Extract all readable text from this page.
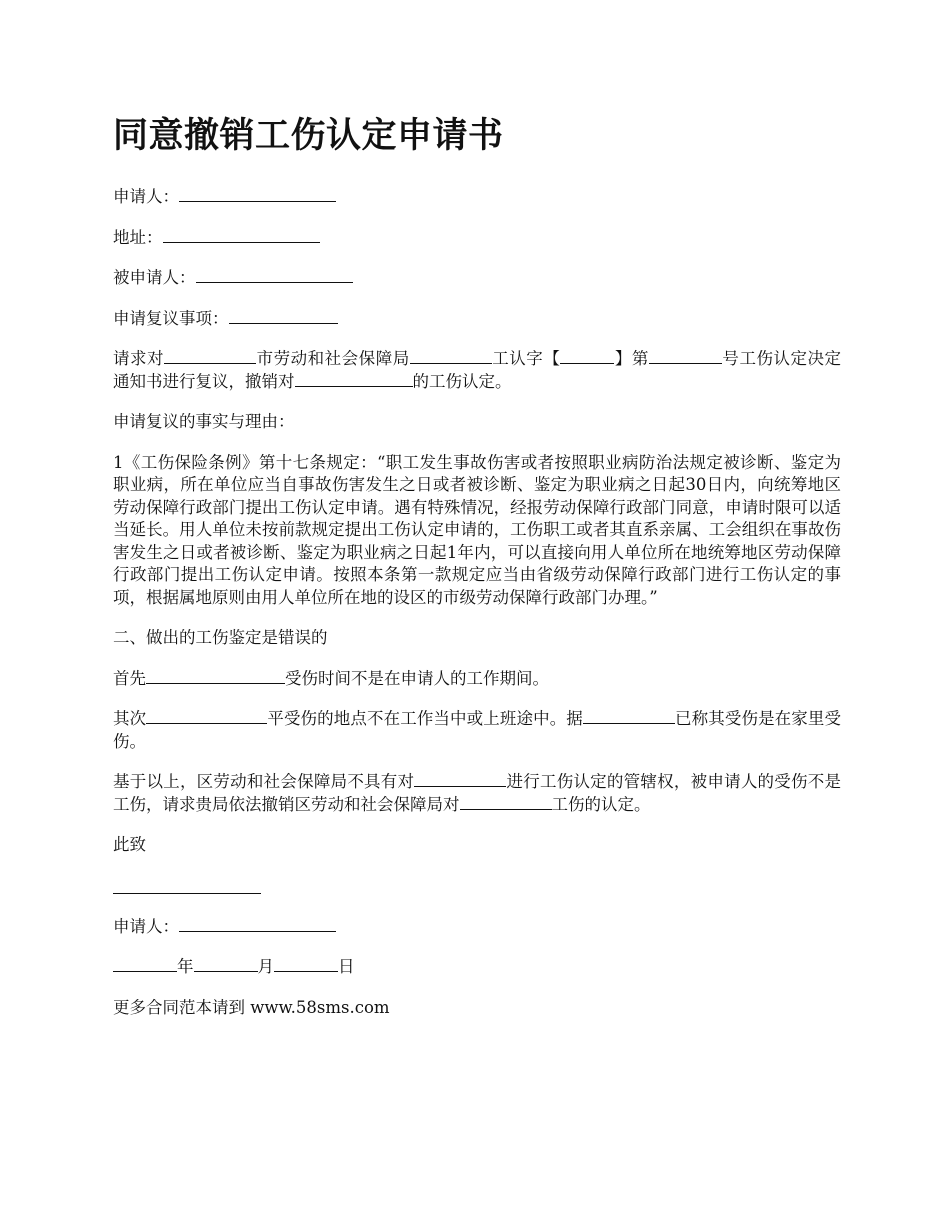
同意撤销工伤认定申请书

申请人：

地址：

被申请人：

申请复议事项：

请求对	市劳动和社会保障局	工认字【	】第	号工伤认定决定通知书进行复议，撤销对	的工伤认定。

申请复议的事实与理由：

1《工伤保险条例》第十七条规定：“职工发生事故伤害或者按照职业病防治法规定被诊断、鉴定为职业病，所在单位应当自事故伤害发生之日或者被诊断、鉴定为职业病之日起30日内，向统筹地区劳动保障行政部门提出工伤认定申请。遇有特殊情况，经报劳动保障行政部门同意，申请时限可以适当延长。用人单位未按前款规定提出工伤认定申请的，工伤职工或者其直系亲属、工会组织在事故伤害发生之日或者被诊断、鉴定为职业病之日起1年内，可以直接向用人单位所在地统筹地区劳动保障行政部门提出工伤认定申请。按照本条第一款规定应当由省级劳动保障行政部门进行工伤认定的事项，根据属地原则由用人单位所在地的设区的市级劳动保障行政部门办理。”

二、做出的工伤鉴定是错误的

首先	受伤时间不是在申请人的工作期间。

其次	平受伤的地点不在工作当中或上班途中。据	已称其受伤是在家里受伤。

基于以上，区劳动和社会保障局不具有对	进行工伤认定的管辖权，被申请人的受伤不是工伤，请求贵局依法撤销区劳动和社会保障局对	工伤的认定。

此致

申请人：

年	月	日

更多合同范本请到 www.58sms.com
